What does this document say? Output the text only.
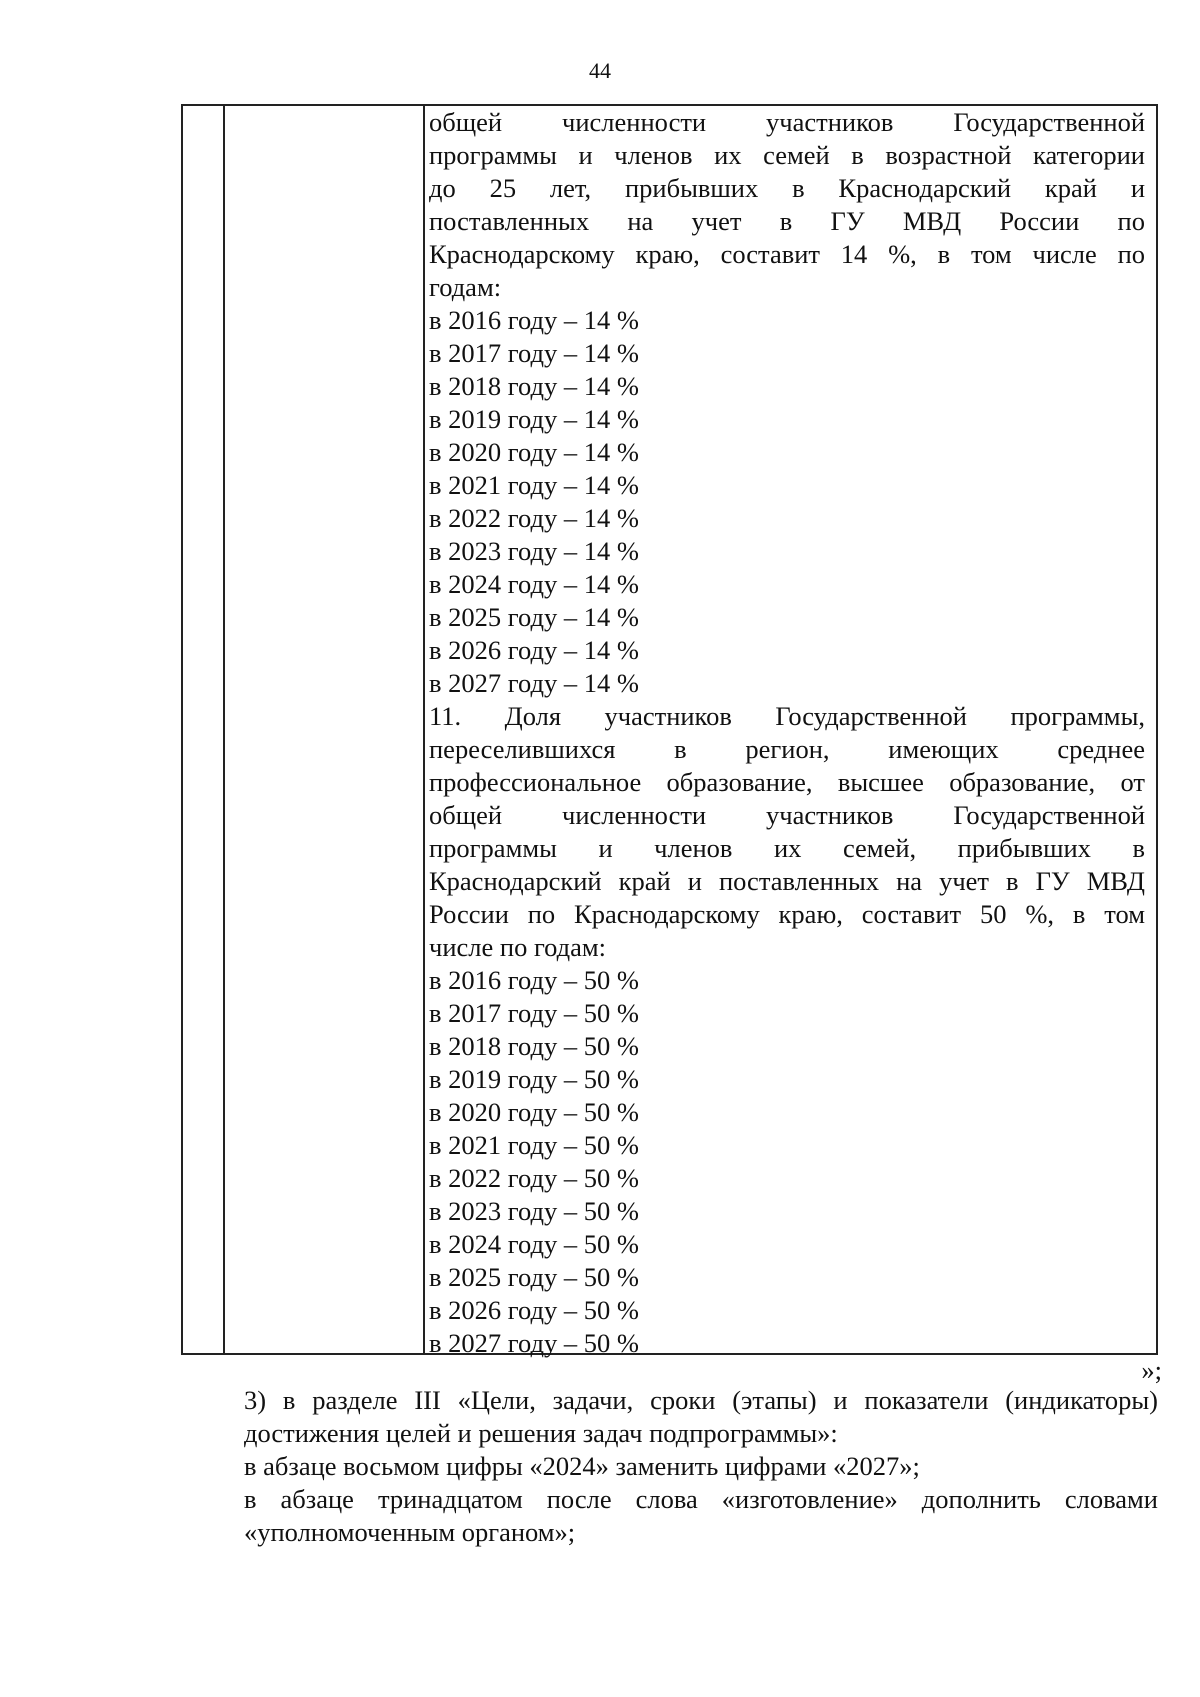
44
общей численности участников Государственной
программы и членов их семей в возрастной категории
до 25 лет, прибывших в Краснодарский край и
поставленных на учет в ГУ МВД России по
Краснодарскому краю, составит 14 %, в том числе по
годам:
в 2016 году – 14 %
в 2017 году – 14 %
в 2018 году – 14 %
в 2019 году – 14 %
в 2020 году – 14 %
в 2021 году – 14 %
в 2022 году – 14 %
в 2023 году – 14 %
в 2024 году – 14 %
в 2025 году – 14 %
в 2026 году – 14 %
в 2027 году – 14 %
11. Доля участников Государственной программы,
переселившихся в регион, имеющих среднее
профессиональное образование, высшее образование, от
общей численности участников Государственной
программы и членов их семей, прибывших в
Краснодарский край и поставленных на учет в ГУ МВД
России по Краснодарскому краю, составит 50 %, в том
числе по годам:
в 2016 году – 50 %
в 2017 году – 50 %
в 2018 году – 50 %
в 2019 году – 50 %
в 2020 году – 50 %
в 2021 году – 50 %
в 2022 году – 50 %
в 2023 году – 50 %
в 2024 году – 50 %
в 2025 году – 50 %
в 2026 году – 50 %
в 2027 году – 50 %
»;
3) в разделе III «Цели, задачи, сроки (этапы) и показатели (индикаторы) достижения целей и решения задач подпрограммы»:
в абзаце восьмом цифры «2024» заменить цифрами «2027»;
в абзаце тринадцатом после слова «изготовление» дополнить словами «уполномоченным органом»;
